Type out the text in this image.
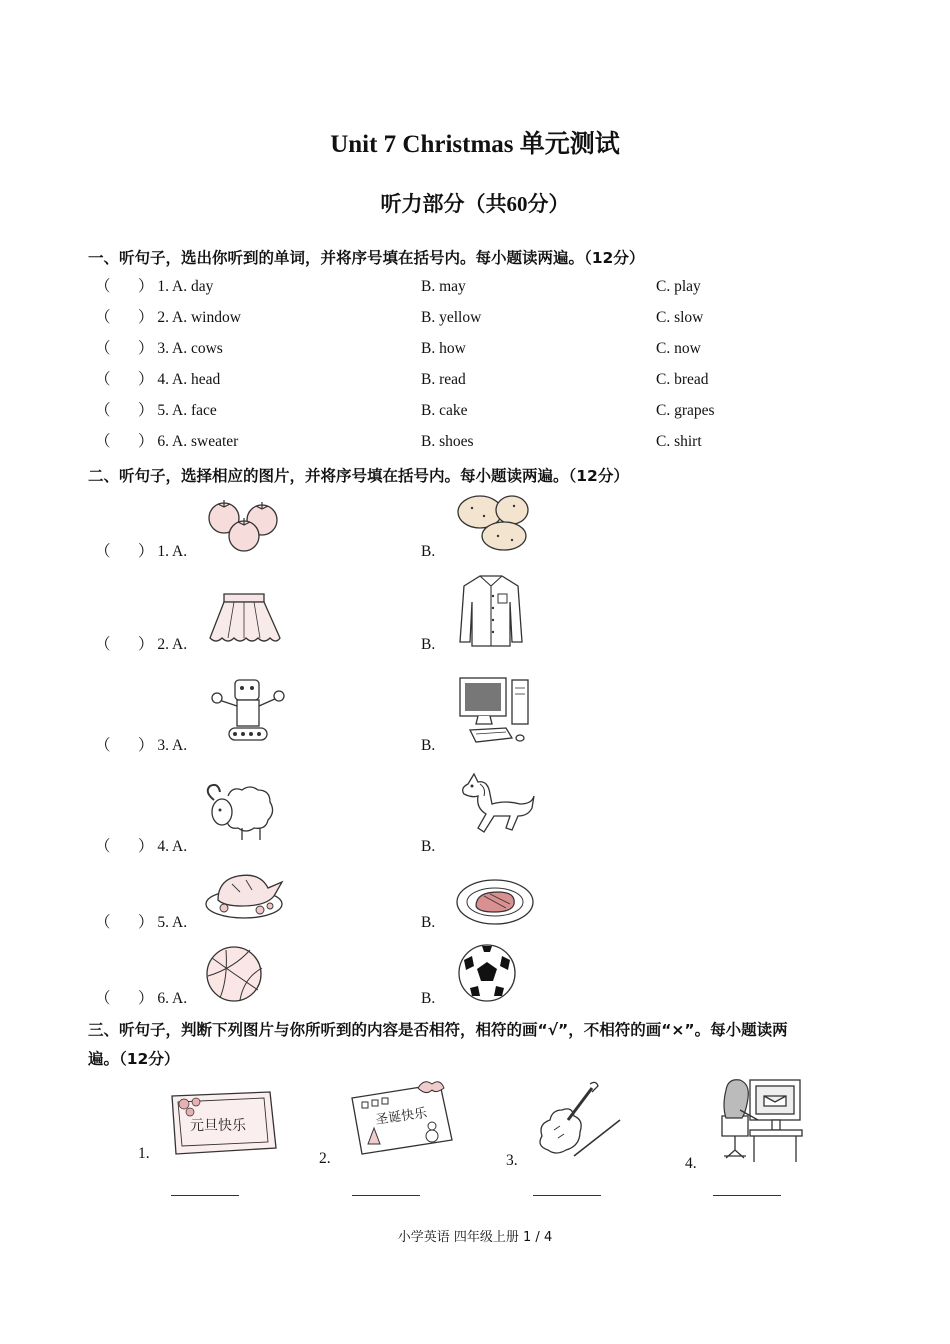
Unit 7 Christmas 单元测试
听力部分（共60分）
一、听句子，选出你听到的单词，并将序号填在括号内。每小题读两遍。（12分）
（ ） 1. A. day	B. may	C. play
（ ） 2. A. window	B. yellow	C. slow
（ ） 3. A. cows	B. how	C. now
（ ） 4. A. head	B. read	C. bread
（ ） 5. A. face	B. cake	C. grapes
（ ） 6. A. sweater	B. shoes	C. shirt
二、听句子，选择相应的图片，并将序号填在括号内。每小题读两遍。（12分）
（ ） 1. A.	B.
（ ） 2. A.	B.
（ ） 3. A.	B.
（ ） 4. A.	B.
（ ） 5. A.	B.
（ ） 6. A.	B.
三、听句子，判断下列图片与你所听到的内容是否相符，相符的画“√”，不相符的画“×”。每小题读两
遍。（12分）
1.
元旦快乐
2.
圣诞快乐
3.	4.
小学英语 四年级上册 1 / 4
